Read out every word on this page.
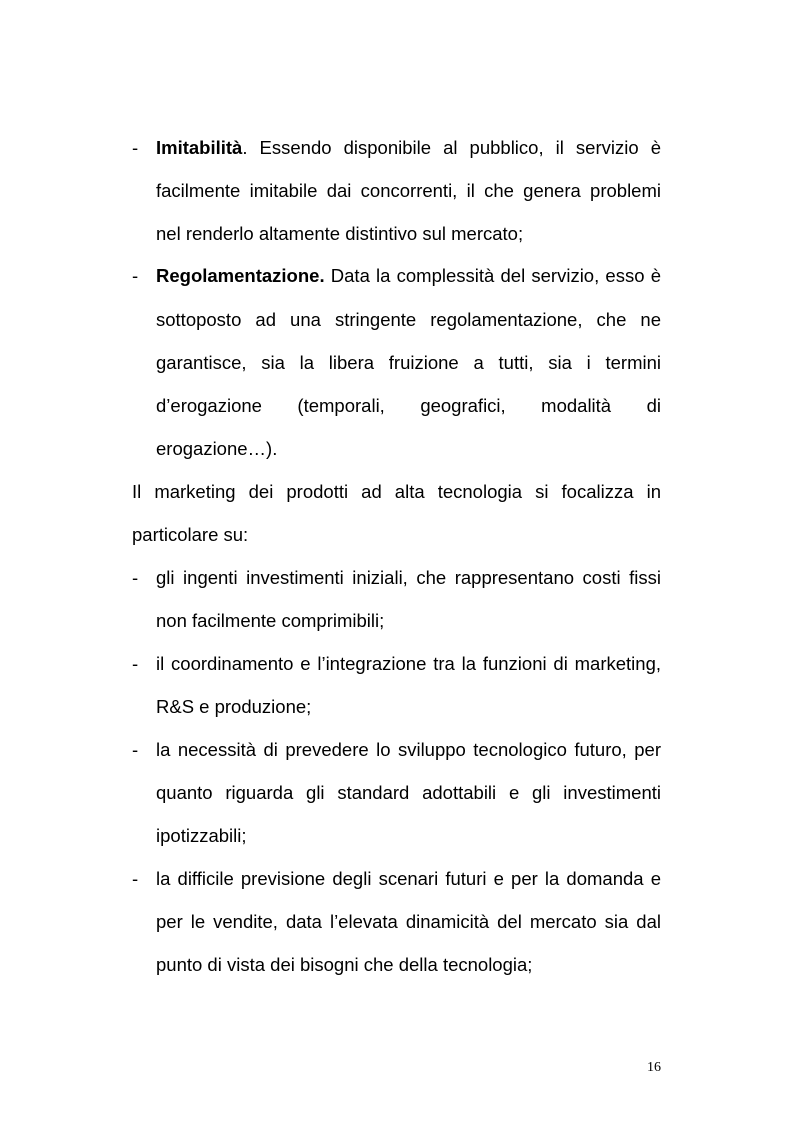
- Imitabilità. Essendo disponibile al pubblico, il servizio è
facilmente imitabile dai concorrenti, il che genera problemi
nel renderlo altamente distintivo sul mercato;
- Regolamentazione. Data la complessità del servizio, esso è
sottoposto ad una stringente regolamentazione, che ne
garantisce, sia la libera fruizione a tutti, sia i termini
d’erogazione (temporali, geografici, modalità di
erogazione…).
Il marketing dei prodotti ad alta tecnologia si focalizza in
particolare su:
- gli ingenti investimenti iniziali, che rappresentano costi fissi
non facilmente comprimibili;
- il coordinamento e l’integrazione tra la funzioni di marketing,
R&S e produzione;
- la necessità di prevedere lo sviluppo tecnologico futuro, per
quanto riguarda gli standard adottabili e gli investimenti
ipotizzabili;
- la difficile previsione degli scenari futuri e per la domanda e
per le vendite, data l’elevata dinamicità del mercato sia dal
punto di vista dei bisogni che della tecnologia;
16
